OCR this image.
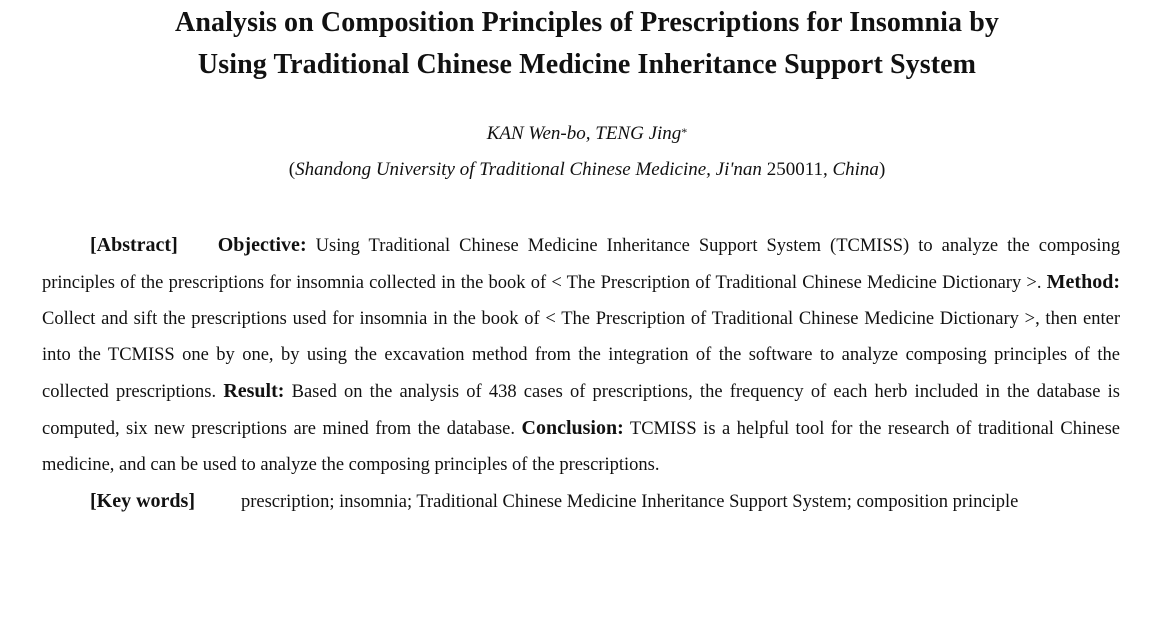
Analysis on Composition Principles of Prescriptions for Insomnia by
Using Traditional Chinese Medicine Inheritance Support System
KAN Wen-bo, TENG Jing*
(Shandong University of Traditional Chinese Medicine, Ji'nan 250011, China)

[Abstract] Objective: Using Traditional Chinese Medicine Inheritance Support System (TCMISS) to analyze the composing principles of the prescriptions for insomnia collected in the book of < The Prescription of Traditional Chinese Medicine Dictionary >. Method: Collect and sift the prescriptions used for insomnia in the book of < The Prescription of Traditional Chinese Medicine Dictionary >, then enter into the TCMISS one by one, by using the excavation method from the integration of the software to analyze composing principles of the collected prescriptions. Result: Based on the analysis of 438 cases of prescriptions, the frequency of each herb included in the database is computed, six new prescriptions are mined from the database. Conclusion: TCMISS is a helpful tool for the research of traditional Chinese medicine, and can be used to analyze the composing principles of the prescriptions.

[Key words] prescription; insomnia; Traditional Chinese Medicine Inheritance Support System; composition principle
